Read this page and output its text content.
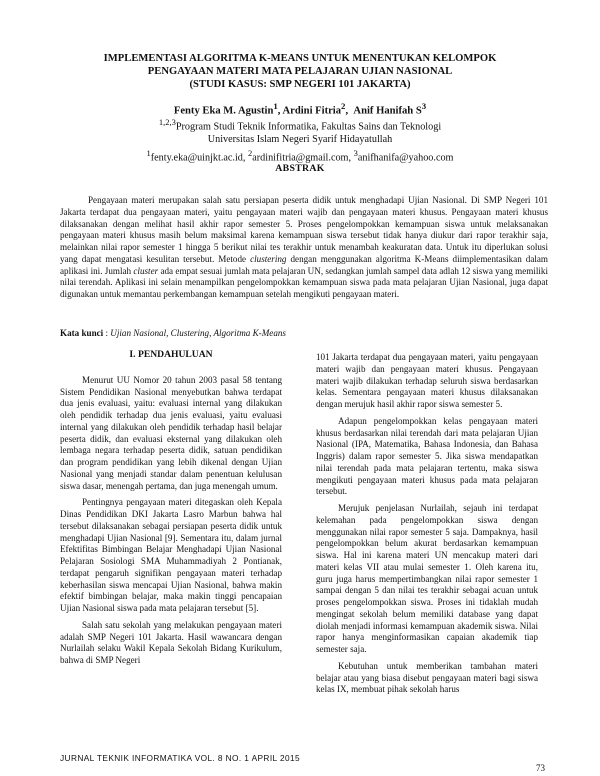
IMPLEMENTASI ALGORITMA K-MEANS UNTUK MENENTUKAN KELOMPOK
PENGAYAAN MATERI MATA PELAJARAN UJIAN NASIONAL
(STUDI KASUS: SMP NEGERI 101 JAKARTA)
Fenty Eka M. Agustin$^1$, Ardini Fitria$^2$,  Anif Hanifah $S^3$
$^{1,2,3}$Program Studi Teknik Informatika, Fakultas Sains dan Teknologi
Universitas Islam Negeri Syarif Hidayatullah
$^1$fenty.eka@uinjkt.ac.id, $^2$ardinifitria@gmail.com, $^3$anifhanifa@yahoo.com
ABSTRAK

Pengayaan materi merupakan salah satu persiapan peserta didik untuk menghadapi Ujian Nasional. Di SMP Negeri 101 Jakarta terdapat dua pengayaan materi, yaitu pengayaan materi wajib dan pengayaan materi khusus. Pengayaan materi khusus dilaksanakan dengan melihat hasil akhir rapor semester 5. Proses pengelompokkan kemampuan siswa untuk melaksanakan pengayaan materi khusus masih belum maksimal karena kemampuan siswa tersebut tidak hanya diukur dari rapor terakhir saja, melainkan nilai rapor semester 1 hingga 5 berikut nilai tes terakhir untuk menambah keakuratan data. Untuk itu diperlukan solusi yang dapat mengatasi kesulitan tersebut. Metode clustering dengan menggunakan algoritma K-Means diimplementasikan dalam aplikasi ini. Jumlah cluster ada empat sesuai jumlah mata pelajaran UN, sedangkan jumlah sampel data adlah 12 siswa yang memiliki nilai terendah. Aplikasi ini selain menampilkan pengelompokkan kemampuan siswa pada mata pelajaran Ujian Nasional, juga dapat digunakan untuk memantau perkembangan kemampuan setelah mengikuti pengayaan materi.

Kata kunci : Ujian Nasional, Clustering, Algoritma K-Means

I. PENDAHULUAN

Menurut UU Nomor 20 tahun 2003 pasal 58 tentang Sistem Pendidikan Nasional menyebutkan bahwa terdapat dua jenis evaluasi, yaitu: evaluasi internal yang dilakukan oleh pendidik terhadap dua jenis evaluasi, yaitu evaluasi internal yang dilakukan oleh pendidik terhadap hasil belajar peserta didik, dan evaluasi eksternal yang dilakukan oleh lembaga negara terhadap peserta didik, satuan pendidikan dan program pendidikan yang lebih dikenal dengan Ujian Nasional yang menjadi standar dalam penentuan kelulusan siswa dasar, menengah pertama, dan juga menengah umum.

Pentingnya pengayaan materi ditegaskan oleh Kepala Dinas Pendidikan DKI Jakarta Lasro Marbun bahwa hal tersebut dilaksanakan sebagai persiapan peserta didik untuk menghadapi Ujian Nasional [9]. Sementara itu, dalam jurnal Efektifitas Bimbingan Belajar Menghadapi Ujian Nasional Pelajaran Sosiologi SMA Muhammadiyah 2 Pontianak, terdapat pengaruh signifikan pengayaan materi terhadap keberhasilan siswa mencapai Ujian Nasional, bahwa makin efektif bimbingan belajar, maka makin tinggi pencapaian Ujian Nasional siswa pada mata pelajaran tersebut [5].

Salah satu sekolah yang melakukan pengayaan materi adalah SMP Negeri 101 Jakarta. Hasil wawancara dengan Nurlailah selaku Wakil Kepala Sekolah Bidang Kurikulum, bahwa di SMP Negeri

101 Jakarta terdapat dua pengayaan materi, yaitu pengayaan materi wajib dan pengayaan materi khusus. Pengayaan materi wajib dilakukan terhadap seluruh siswa berdasarkan kelas. Sementara pengayaan materi khusus dilaksanakan dengan merujuk hasil akhir rapor siswa semester 5.

Adapun pengelompokkan kelas pengayaan materi khusus berdasarkan nilai terendah dari mata pelajaran Ujian Nasional (IPA, Matematika, Bahasa Indonesia, dan Bahasa Inggris) dalam rapor semester 5. Jika siswa mendapatkan nilai terendah pada mata pelajaran tertentu, maka siswa mengikuti pengayaan materi khusus pada mata pelajaran tersebut.

Merujuk penjelasan Nurlailah, sejauh ini terdapat kelemahan pada pengelompokkan siswa dengan menggunakan nilai rapor semester 5 saja. Dampaknya, hasil pengelompokkan belum akurat berdasarkan kemampuan siswa. Hal ini karena materi UN mencakup materi dari materi kelas VII atau mulai semester 1. Oleh karena itu, guru juga harus mempertimbangkan nilai rapor semester 1 sampai dengan 5 dan nilai tes terakhir sebagai acuan untuk proses pengelompokkan siswa. Proses ini tidaklah mudah mengingat sekolah belum memiliki database yang dapat diolah menjadi informasi kemampuan akademik siswa. Nilai rapor hanya menginformasikan capaian akademik tiap semester saja.

Kebutuhan untuk memberikan tambahan materi belajar atau yang biasa disebut pengayaan materi bagi siswa kelas IX, membuat pihak sekolah harus

JURNAL TEKNIK INFORMATIKA VOL. 8 NO. 1 APRIL 2015
73
